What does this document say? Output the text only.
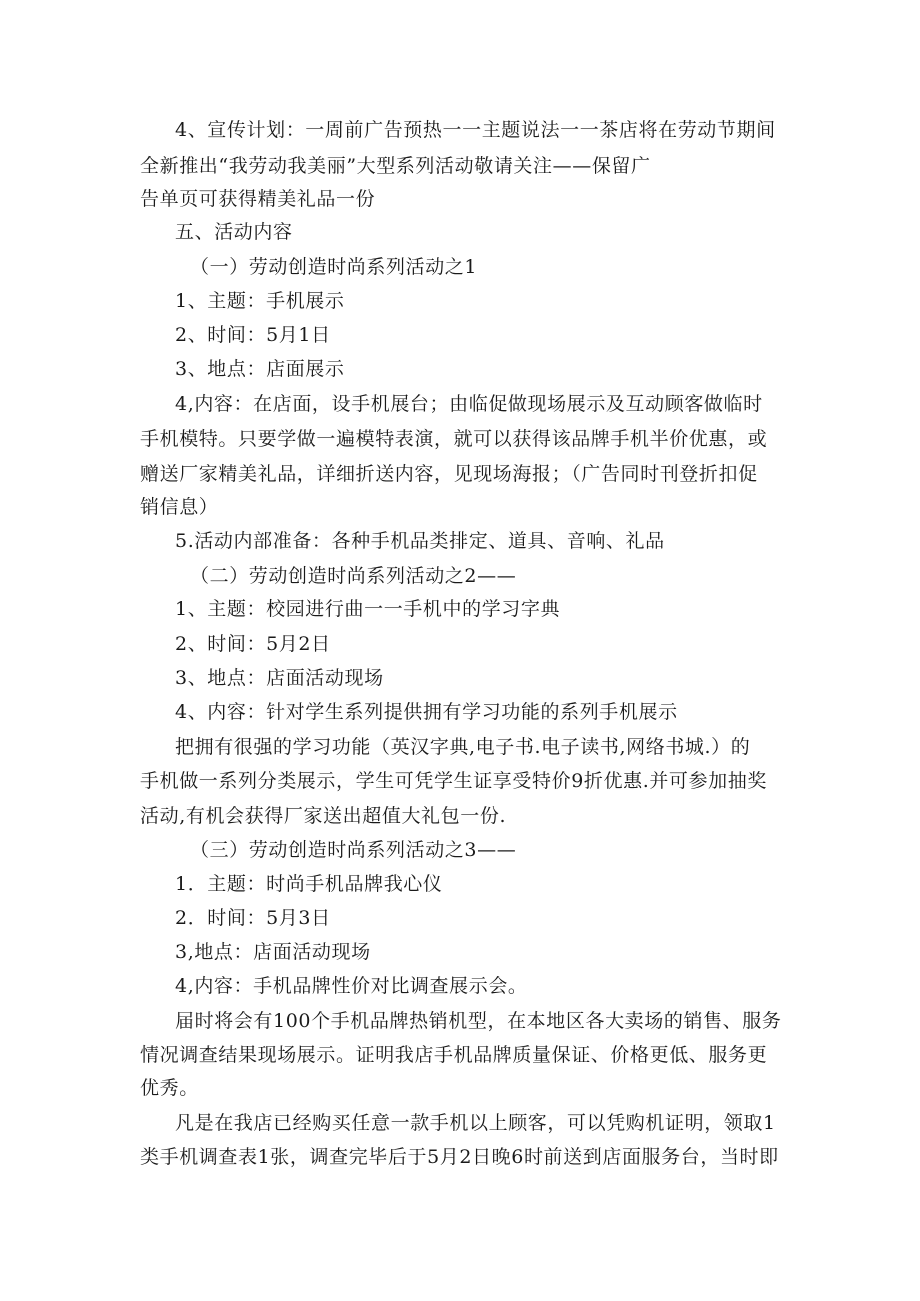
4、宣传计划：一周前广告预热一一主题说法一一茶店将在劳动节期间
全新推出“我劳动我美丽”大型系列活动敬请关注——保留广
告单页可获得精美礼品一份
五、活动内容
（一）劳动创造时尚系列活动之1
1、主题：手机展示
2、时间：5月1日
3、地点：店面展示
4,内容：在店面，设手机展台；由临促做现场展示及互动顾客做临时
手机模特。只要学做一遍模特表演，就可以获得该品牌手机半价优惠，或
赠送厂家精美礼品，详细折送内容，见现场海报；（广告同时刊登折扣促
销信息）
5.活动内部准备：各种手机品类排定、道具、音响、礼品
（二）劳动创造时尚系列活动之2——
1、主题：校园进行曲一一手机中的学习字典
2、时间：5月2日
3、地点：店面活动现场
4、内容：针对学生系列提供拥有学习功能的系列手机展示
把拥有很强的学习功能（英汉字典,电子书.电子读书,网络书城.）的
手机做一系列分类展示，学生可凭学生证享受特价9折优惠.并可参加抽奖
活动,有机会获得厂家送出超值大礼包一份.
（三）劳动创造时尚系列活动之3——
1．主题：时尚手机品牌我心仪
2．时间：5月3日
3,地点：店面活动现场
4,内容：手机品牌性价对比调查展示会。
届时将会有100个手机品牌热销机型，在本地区各大卖场的销售、服务
情况调查结果现场展示。证明我店手机品牌质量保证、价格更低、服务更
优秀。
凡是在我店已经购买任意一款手机以上顾客，可以凭购机证明，领取1
类手机调查表1张，调查完毕后于5月2日晚6时前送到店面服务台，当时即
